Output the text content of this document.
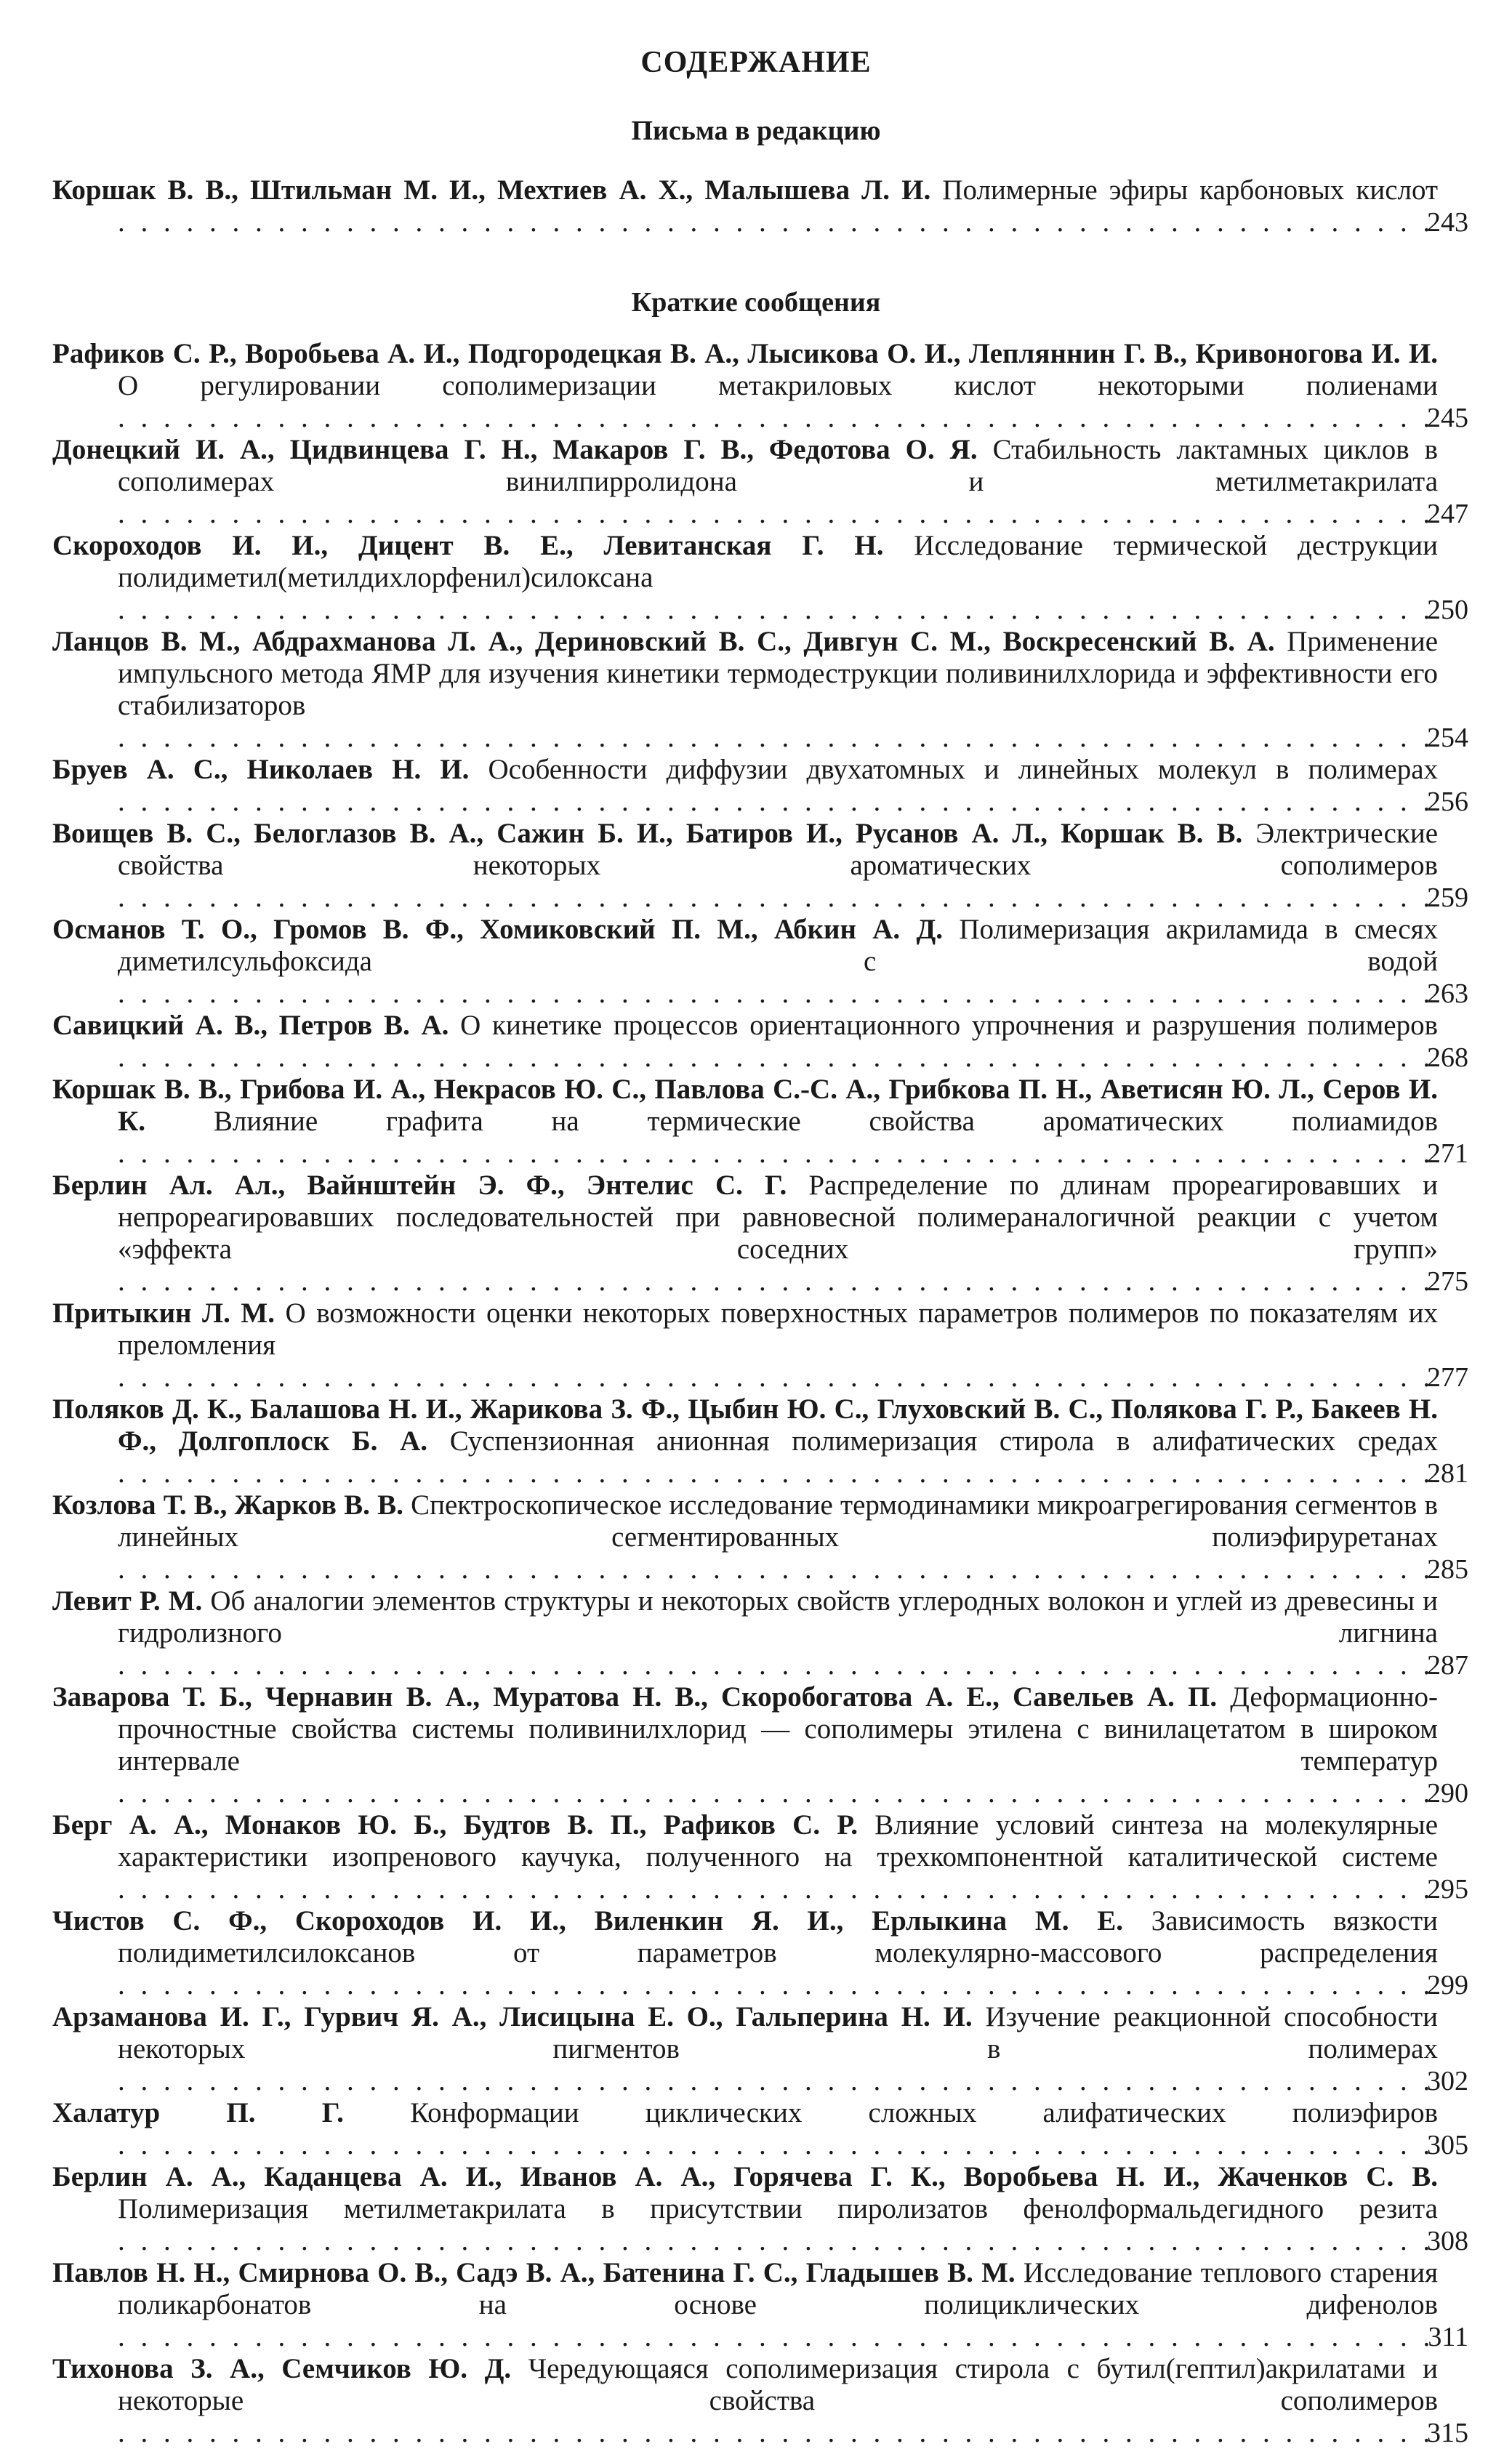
СОДЕРЖАНИЕ
Письма в редакцию
Коршак В. В., Штильман М. И., Мехтиев А. Х., Малышева Л. И. Полимерные эфиры карбоновых кислот . . .
243
Краткие сообщения
Рафиков С. Р., Воробьева А. И., Подгородецкая В. А., Лысикова О. И., Лепляннин Г. В., Кривоногова И. И. О регулировании сополимеризации метакриловых кислот некоторыми полиенами . . .
245
Донецкий И. А., Цидвинцева Г. Н., Макаров Г. В., Федотова О. Я. Стабильность лактамных циклов в сополимерах винилпирролидона и метилметакрилата . . .
247
Скороходов И. И., Дицент В. Е., Левитанская Г. Н. Исследование термической деструкции полидиметил(метилдихлорфенил)силоксана . . .
250
Ланцов В. М., Абдрахманова Л. А., Дериновский В. С., Дивгун С. М., Воскресенский В. А. Применение импульсного метода ЯМР для изучения кинетики термодеструкции поливинилхлорида и эффективности его стабилизаторов . . .
254
Бруев А. С., Николаев Н. И. Особенности диффузии двухатомных и линейных молекул в полимерах . . .
256
Воищев В. С., Белоглазов В. А., Сажин Б. И., Батиров И., Русанов А. Л., Коршак В. В. Электрические свойства некоторых ароматических сополимеров . . .
259
Османов Т. О., Громов В. Ф., Хомиковский П. М., Абкин А. Д. Полимеризация акриламида в смесях диметилсульфоксида с водой . . .
263
Савицкий А. В., Петров В. А. О кинетике процессов ориентационного упрочнения и разрушения полимеров . . .
268
Коршак В. В., Грибова И. А., Некрасов Ю. С., Павлова С.-С. А., Грибкова П. Н., Аветисян Ю. Л., Серов И. К. Влияние графита на термические свойства ароматических полиамидов . . .
271
Берлин Ал. Ал., Вайнштейн Э. Ф., Энтелис С. Г. Распределение по длинам прореагировавших и непрореагировавших последовательностей при равновесной полимераналогичной реакции с учетом «эффекта соседних групп» . . .
275
Притыкин Л. М. О возможности оценки некоторых поверхностных параметров полимеров по показателям их преломления . . .
277
Поляков Д. К., Балашова Н. И., Жарикова З. Ф., Цыбин Ю. С., Глуховский В. С., Полякова Г. Р., Бакеев Н. Ф., Долгоплоск Б. А. Суспензионная анионная полимеризация стирола в алифатических средах . . .
281
Козлова Т. В., Жарков В. В. Спектроскопическое исследование термодинамики микроагрегирования сегментов в линейных сегментированных полиэфируретанах . . .
285
Левит Р. М. Об аналогии элементов структуры и некоторых свойств углеродных волокон и углей из древесины и гидролизного лигнина . . .
287
Заварова Т. Б., Чернавин В. А., Муратова Н. В., Скоробогатова А. Е., Савельев А. П. Деформационно-прочностные свойства системы поливинилхлорид — сополимеры этилена с винилацетатом в широком интервале температур . . .
290
Берг А. А., Монаков Ю. Б., Будтов В. П., Рафиков С. Р. Влияние условий синтеза на молекулярные характеристики изопренового каучука, полученного на трехкомпонентной каталитической системе . . .
295
Чистов С. Ф., Скороходов И. И., Виленкин Я. И., Ерлыкина М. Е. Зависимость вязкости полидиметилсилоксанов от параметров молекулярно-массового распределения . . .
299
Арзаманова И. Г., Гурвич Я. А., Лисицына Е. О., Гальперина Н. И. Изучение реакционной способности некоторых пигментов в полимерах . . .
302
Халатур П. Г. Конформации циклических сложных алифатических полиэфиров . . .
305
Берлин А. А., Каданцева А. И., Иванов А. А., Горячева Г. К., Воробьева Н. И., Жаченков С. В. Полимеризация метилметакрилата в присутствии пиролизатов фенолформальдегидного резита . . .
308
Павлов Н. Н., Смирнова О. В., Садэ В. А., Батенина Г. С., Гладышев В. М. Исследование теплового старения поликарбонатов на основе полициклических дифенолов . . .
311
Тихонова З. А., Семчиков Ю. Д. Чередующаяся сополимеризация стирола с бутил(гептил)акрилатами и некоторые свойства сополимеров . . .
315
